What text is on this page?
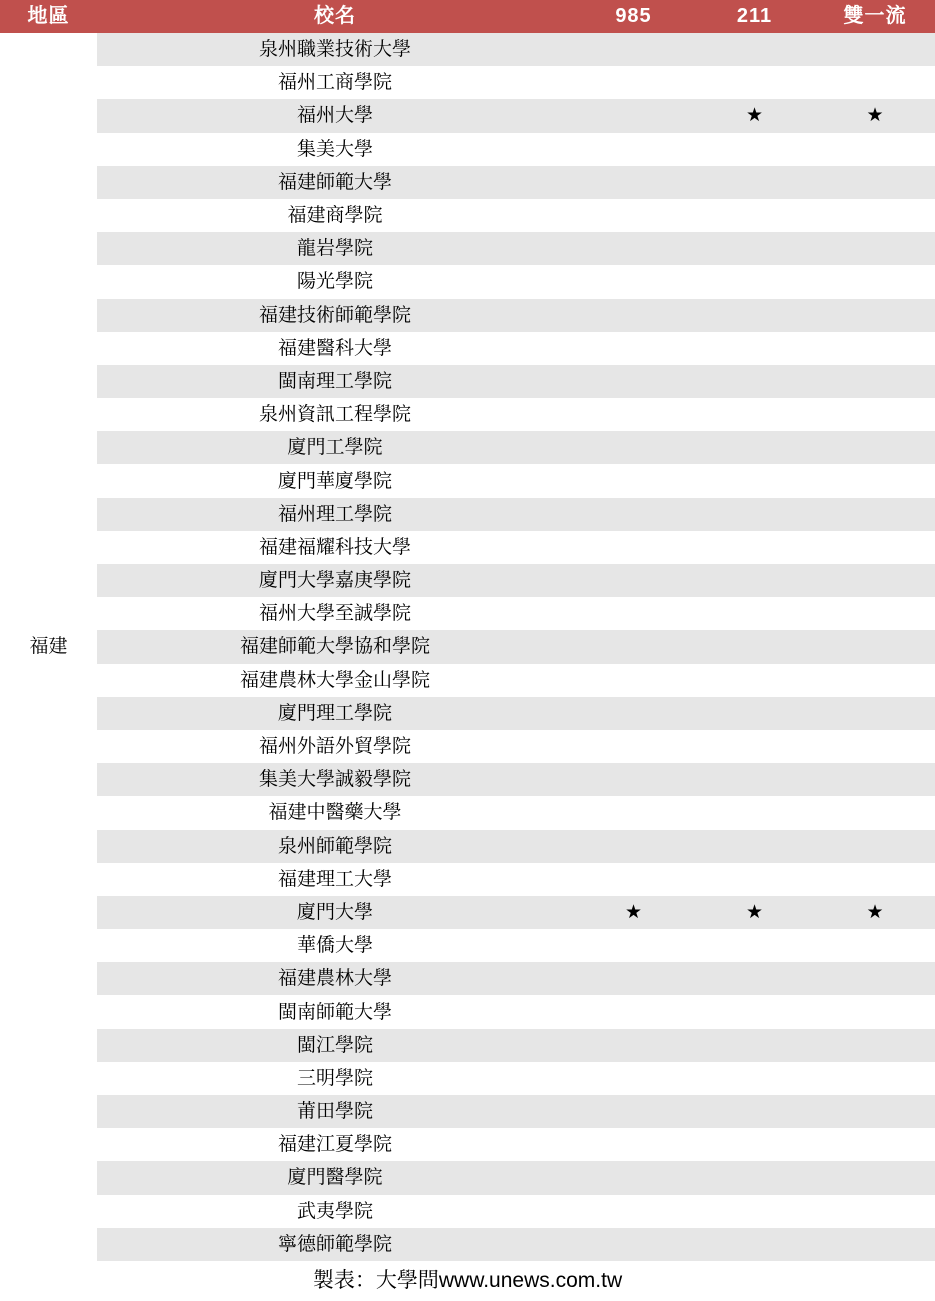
地區	校名	985	211	雙一流
福建	泉州職業技術大學			
	福州工商學院			
	福州大學		★	★
	集美大學			
	福建師範大學			
	福建商學院			
	龍岩學院			
	陽光學院			
	福建技術師範學院			
	福建醫科大學			
	閩南理工學院			
	泉州資訊工程學院			
	廈門工學院			
	廈門華廈學院			
	福州理工學院			
	福建福耀科技大學			
	廈門大學嘉庚學院			
	福州大學至誠學院			
	福建師範大學協和學院			
	福建農林大學金山學院			
	廈門理工學院			
	福州外語外貿學院			
	集美大學誠毅學院			
	福建中醫藥大學			
	泉州師範學院			
	福建理工大學			
	廈門大學	★	★	★
	華僑大學			
	福建農林大學			
	閩南師範大學			
	閩江學院			
	三明學院			
	莆田學院			
	福建江夏學院			
	廈門醫學院			
	武夷學院			
	寧德師範學院			
製表：大學問www.unews.com.tw				
